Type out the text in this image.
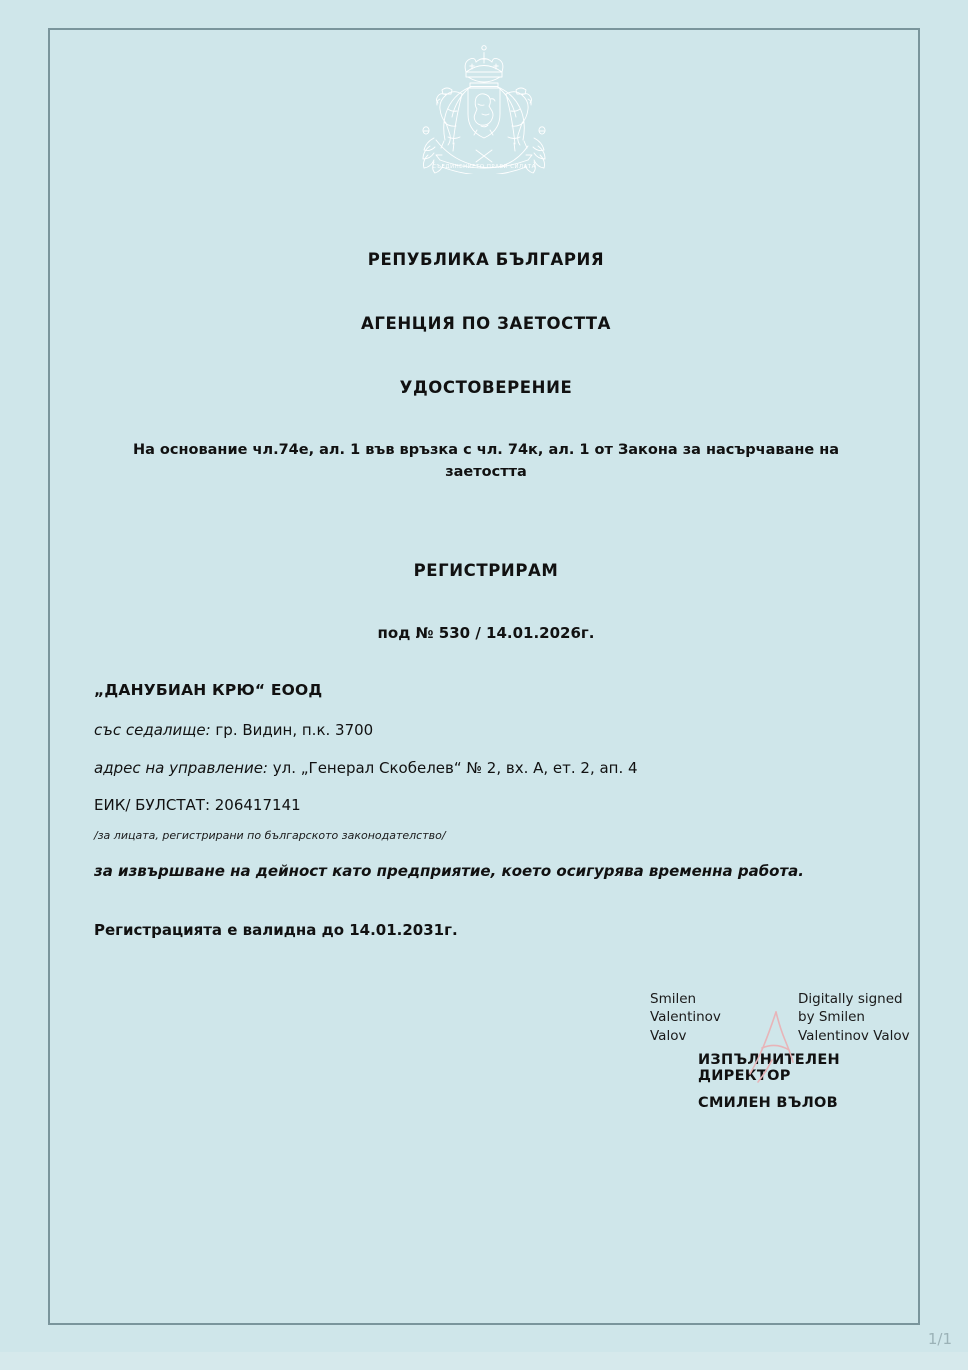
СЪЕДИНЕНИЕТО ПРАВИ СИЛАТА
РЕПУБЛИКА БЪЛГАРИЯ
АГЕНЦИЯ ПО ЗАЕТОСТТА
УДОСТОВЕРЕНИЕ
На основание чл.74е, ал. 1 във връзка с чл. 74к, ал. 1 от Закона за насърчаване на заетостта
РЕГИСТРИРАМ
под № 530 / 14.01.2026г.

„ДАНУБИАН КРЮ“ ЕООД

със седалище: гр. Видин, п.к. 3700

адрес на управление: ул. „Генерал Скобелев“ № 2, вх. А, ет. 2, ап. 4

ЕИК/ БУЛСТАТ: 206417141

/за лицата, регистрирани по българското законодателство/

за извършване на дейност като предприятие, което осигурява временна работа.

Регистрацията е валидна до 14.01.2031г.

Smilen
Valentinov
Valov
Digitally signed
by Smilen
Valentinov Valov
ИЗПЪЛНИТЕЛЕН ДИРЕКТОР
СМИЛЕН ВЪЛОВ
1/1
